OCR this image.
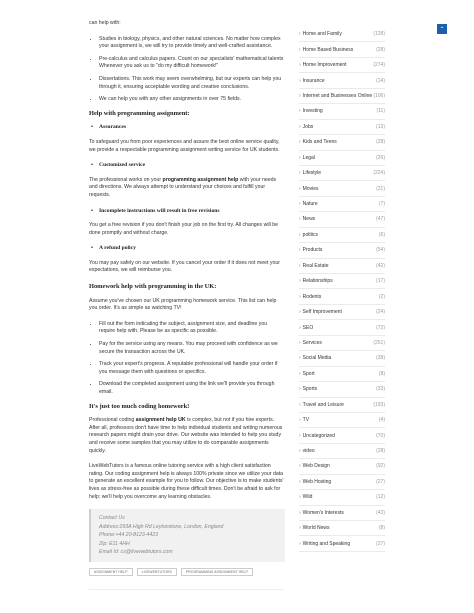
can help with:

• Studies in biology, physics, and other natural sciences. No matter how complex your assignment is, we will try to provide timely and well-crafted assistance.
• Pre-calculus and calculus papers. Count on our specialists' mathematical talents Whenever you ask us to "do my difficult homework!"
• Dissertations. This work may seem overwhelming, but our experts can help you through it, ensuring acceptable wording and creative conclusions.
• We can help you with any other assignments in over 75 fields.
Help with programming assignment:
• Assurances

To safeguard you from poor experiences and assure the best online service quality, we provide a respectable programming assignment writing service for UK students.

• Customized service

The professional works on your programming assignment help with your needs and directions. We always attempt to understand your choices and fulfill your requests.

• Incomplete instructions will result in free revisions

You get a free revision if you don't finish your job on the first try. All changes will be done promptly and without charge.

• A refund policy

You may pay safely on our website. If you cancel your order if it does not meet your expectations, we will reimburse you.

Homework help with programming in the UK:

Assume you've chosen our UK programming homework service. This list can help you order. It's as simple as watching TV!

• Fill out the form indicating the subject, assignment size, and deadline you require help with. Please be as specific as possible.
• Pay for the service using any means. You may proceed with confidence as we secure the transaction across the UK.
• Track your expert's progress. A reputable professional will handle your order if you message them with questions or specifics.
• Download the completed assignment using the link we'll provide you through email.
It's just too much coding homework!

Professional coding assignment help UK is complex, but not if you hire experts. After all, professors don't have time to help individual students and writing numerous research papers might drain your drive. Our website was intended to help you study and receive some samples that you may utilize to do comparable assignments quickly.

LiveWebTutors is a famous online tutoring service with a high client satisfaction rating. Our coding assignment help is always 100% private since we utilize your data to generate an excellent example for you to follow. Our objective is to make students' lives as stress-free as possible during these difficult times. Don't be afraid to ask for help; we'll help you overcome any learning obstacles.

Contact Us
Address:293A High Rd Leytonstone, London, England
Phone:+44 20-8123-4423
Zip: E11 4HH
Email Id: cs@livewebtutors.com
ASSIGNMENT HELP	LIVEWEBTUTORS	PROGRAMMING ASSIGNMENT HELP
› Home and Family	(128)
› Home Based Business	(28)
› Home Improvement	(274)
› Insurance	(14)
› Internet and Businesses Online (106)
› Investing	(11)
› Jobs	(13)
› Kids and Teens	(28)
› Legal	(26)
› Lifestyle	(224)
› Movies	(21)
› Nature	(7)
› News	(47)
› politics	(6)
› Products	(54)
› Real Estate	(42)
› Relationships	(17)
› Rodents	(2)
› Self Improvement	(24)
› SEO	(72)
› Services	(251)
› Social Media	(38)
› Sport	(8)
› Sports	(33)
› Travel and Leisure	(193)
› TV	(4)
› Uncategorized	(70)
› video	(28)
› Web Design	(92)
› Web Hosting	(27)
› Wild	(12)
› Women's Interests	(43)
› World News	(8)
› Writing and Speaking	(27)
⌃
